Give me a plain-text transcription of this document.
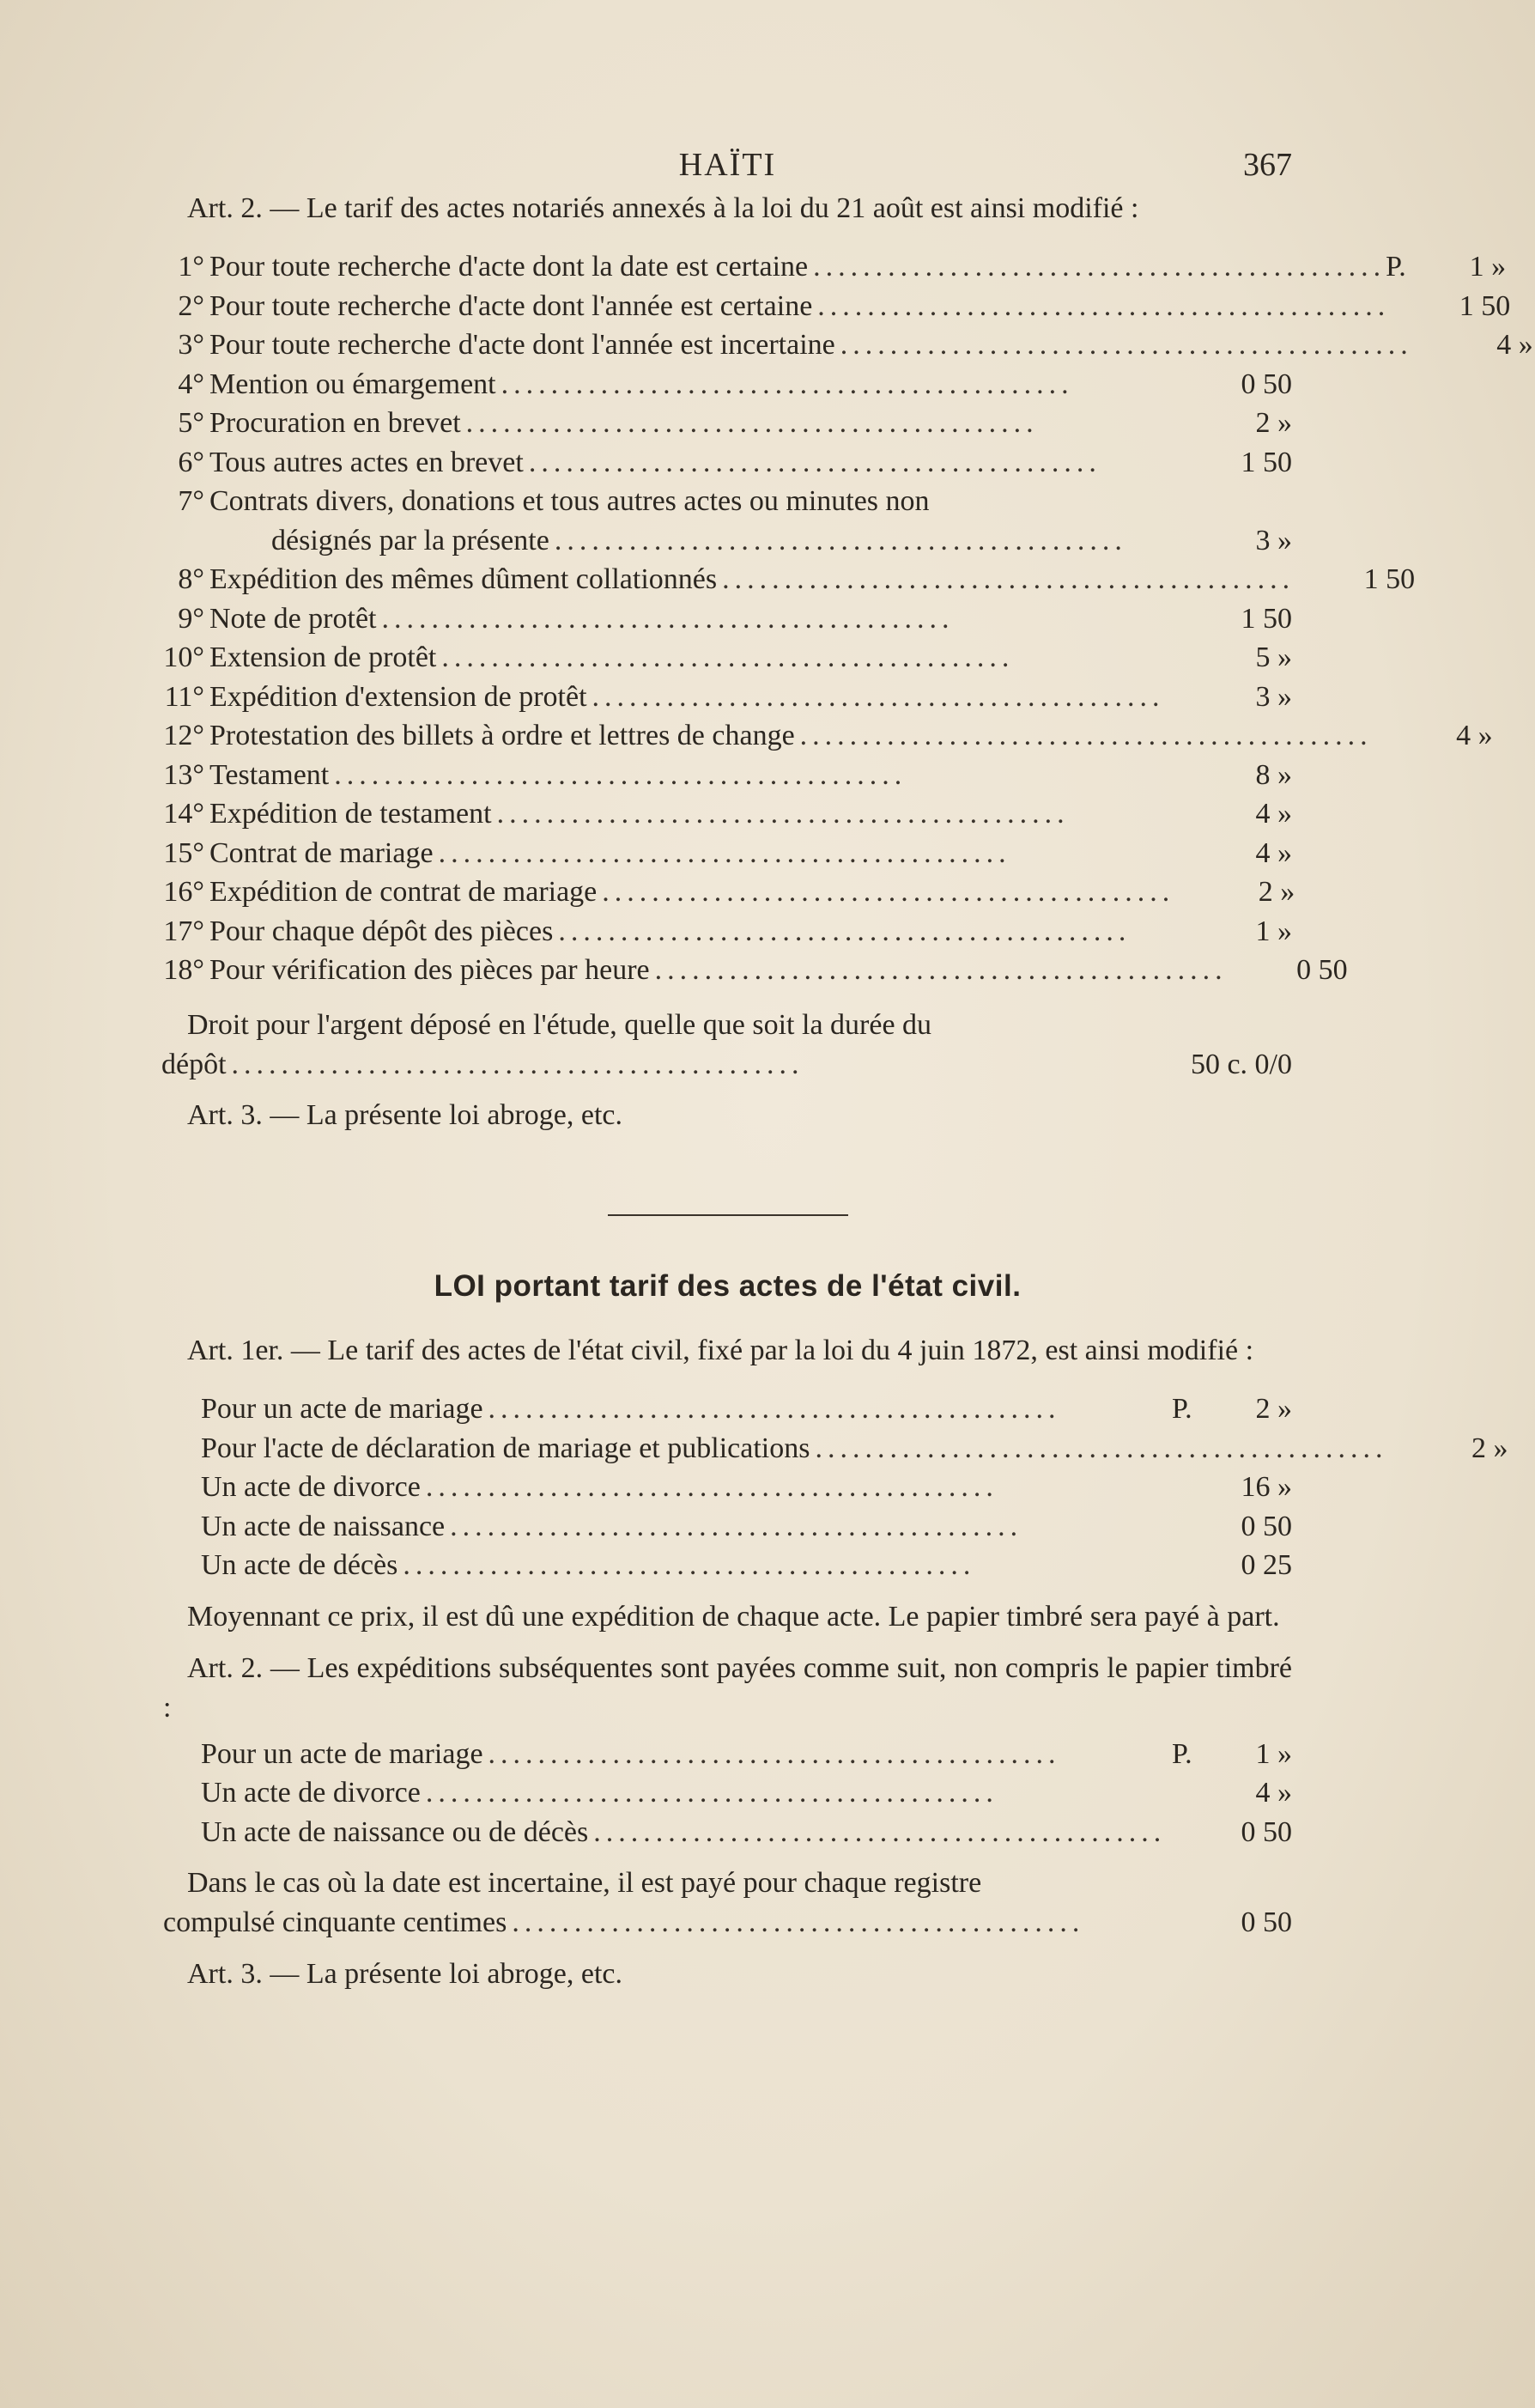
HAÏTI	367

Art. 2. — Le tarif des actes notariés annexés à la loi du 21 août est ainsi modifié :

1° Pour toute recherche d'acte dont la date est certaine .............................................. P.	1 »
2° Pour toute recherche d'acte dont l'année est certaine ..............................................	1 50
3° Pour toute recherche d'acte dont l'année est incertaine ..............................................	4 »
4° Mention ou émargement ..............................................	0 50
5° Procuration en brevet ..............................................	2 »
6° Tous autres actes en brevet ..............................................	1 50
7° Contrats divers, donations et tous autres actes ou minutes non
désignés par la présente ..............................................	3 »
8° Expédition des mêmes dûment collationnés ..............................................	1 50
9° Note de protêt ..............................................	1 50
10° Extension de protêt ..............................................	5 »
11° Expédition d'extension de protêt ..............................................	3 »
12° Protestation des billets à ordre et lettres de change ..............................................	4 »
13° Testament ..............................................	8 »
14° Expédition de testament ..............................................	4 »
15° Contrat de mariage ..............................................	4 »
16° Expédition de contrat de mariage ..............................................	2 »
17° Pour chaque dépôt des pièces ..............................................	1 »
18° Pour vérification des pièces par heure ..............................................	0 50

Droit pour l'argent déposé en l'étude, quelle que soit la durée du

dépôt ..............................................	50 c. 0/0

Art. 3. — La présente loi abroge, etc.

LOI portant tarif des actes de l'état civil.

Art. 1er. — Le tarif des actes de l'état civil, fixé par la loi du 4 juin 1872, est ainsi modifié :

Pour un acte de mariage ..............................................	P.	2 »
Pour l'acte de déclaration de mariage et publications ..............................................	2 »
Un acte de divorce ..............................................	16 »
Un acte de naissance ..............................................	0 50
Un acte de décès ..............................................	0 25

Moyennant ce prix, il est dû une expédition de chaque acte. Le papier timbré sera payé à part.

Art. 2. — Les expéditions subséquentes sont payées comme suit, non compris le papier timbré :

Pour un acte de mariage ..............................................	P.	1 »
Un acte de divorce ..............................................	4 »
Un acte de naissance ou de décès ..............................................	0 50

Dans le cas où la date est incertaine, il est payé pour chaque registre

compulsé cinquante centimes ..............................................	0 50

Art. 3. — La présente loi abroge, etc.
